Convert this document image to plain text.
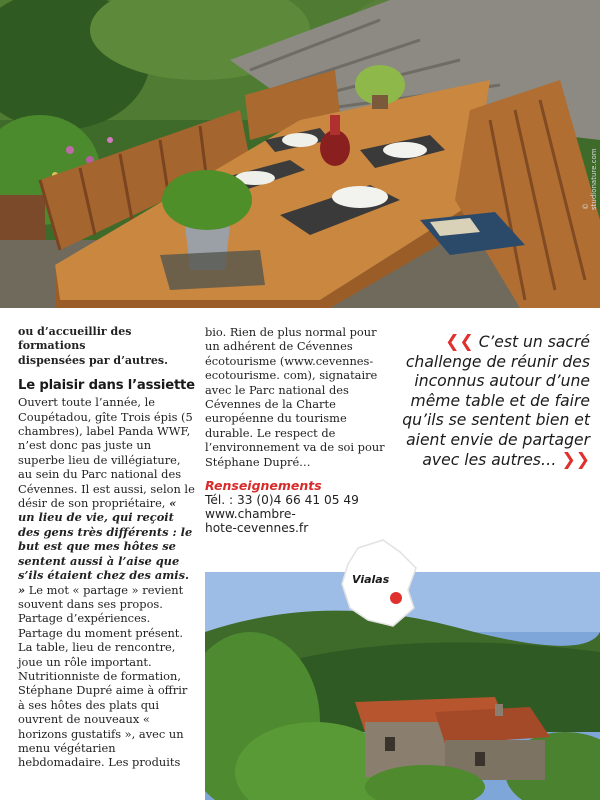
© studionature.com

ou d’accueillir des formations

dispensées par d’autres.

Le plaisir dans l’assiette

Ouvert toute l’année, le Coupétadou, gîte Trois épis (5 chambres), label Panda WWF, n’est donc pas juste un superbe lieu de villégiature, au sein du Parc national des Cévennes. Il est aussi, selon le désir de son propriétaire, « un lieu de vie, qui reçoit des gens très différents : le but est que mes hôtes se sentent aussi à l’aise que s’ils étaient chez des amis. » Le mot « partage » revient souvent dans ses propos. Partage d’expériences. Partage du moment présent. La table, lieu de rencontre, joue un rôle important. Nutritionniste de formation, Stéphane Dupré aime à offrir à ses hôtes des plats qui ouvrent de nouveaux « horizons gustatifs », avec un menu végétarien hebdomadaire. Les produits

bio. Rien de plus normal pour un adhérent de Cévennes écotourisme (www.cevennes-ecotourisme. com), signataire avec le Parc national des Cévennes de la Charte européenne du tourisme durable. Le respect de l’environnement va de soi pour Stéphane Dupré…

Renseignements
Tél. : 33 (0)4 66 41 05 49
www.chambre-
hote-cevennes.fr
❮❮ C’est un sacré challenge de réunir des inconnus autour d’une même table et de faire qu’ils se sentent bien et aient envie de partager avec les autres… ❯❯
Vialas
